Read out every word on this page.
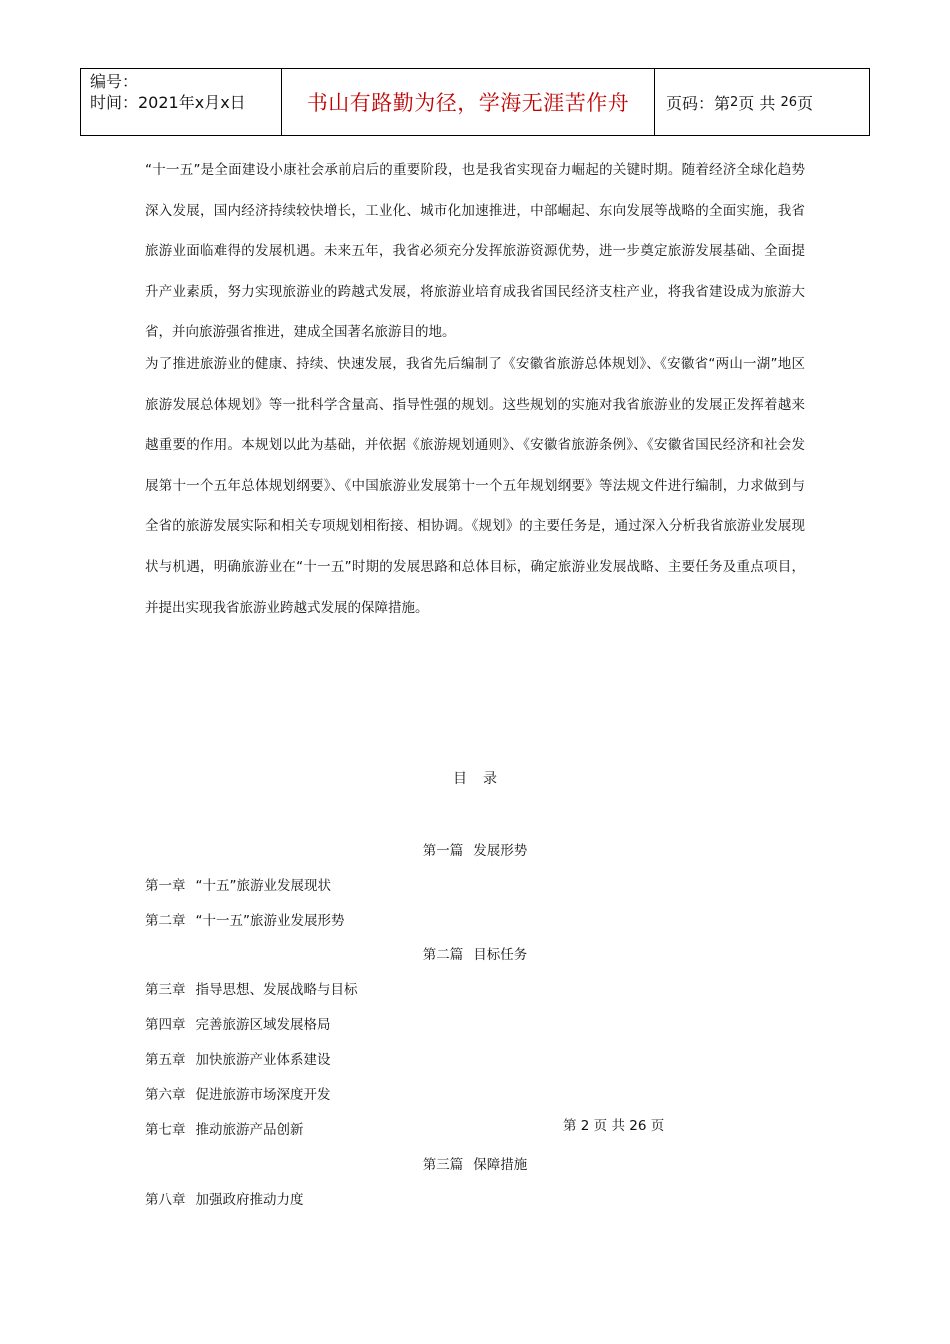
编号：
时间：2021年x月x日	书山有路勤为径，学海无涯苦作舟	页码：第 2 页 共
26 页

“十一五”是全面建设小康社会承前启后的重要阶段，也是我省实现奋力崛起的关键时期。随着经济全球化趋势深入发展，国内经济持续较快增长，工业化、城市化加速推进，中部崛起、东向发展等战略的全面实施，我省旅游业面临难得的发展机遇。未来五年，我省必须充分发挥旅游资源优势，进一步奠定旅游发展基础、全面提升产业素质，努力实现旅游业的跨越式发展，将旅游业培育成我省国民经济支柱产业，将我省建设成为旅游大省，并向旅游强省推进，建成全国著名旅游目的地。

为了推进旅游业的健康、持续、快速发展，我省先后编制了《安徽省旅游总体规划》、《安徽省“两山一湖”地区旅游发展总体规划》等一批科学含量高、指导性强的规划。这些规划的实施对我省旅游业的发展正发挥着越来越重要的作用。本规划以此为基础，并依据《旅游规划通则》、《安徽省旅游条例》、《安徽省国民经济和社会发展第十一个五年总体规划纲要》、《中国旅游业发展第十一个五年规划纲要》等法规文件进行编制，力求做到与全省的旅游发展实际和相关专项规划相衔接、相协调。《规划》的主要任务是，通过深入分析我省旅游业发展现状与机遇，明确旅游业在“十一五”时期的发展思路和总体目标，确定旅游业发展战略、主要任务及重点项目，并提出实现我省旅游业跨越式发展的保障措施。

目 录
第一篇 发展形势
第一章 “十五”旅游业发展现状
第二章 “十一五”旅游业发展形势
第二篇 目标任务
第三章 指导思想、发展战略与目标
第四章 完善旅游区域发展格局
第五章 加快旅游产业体系建设
第六章 促进旅游市场深度开发
第七章 推动旅游产品创新	第 2 页 共 26 页
第三篇 保障措施
第八章 加强政府推动力度
